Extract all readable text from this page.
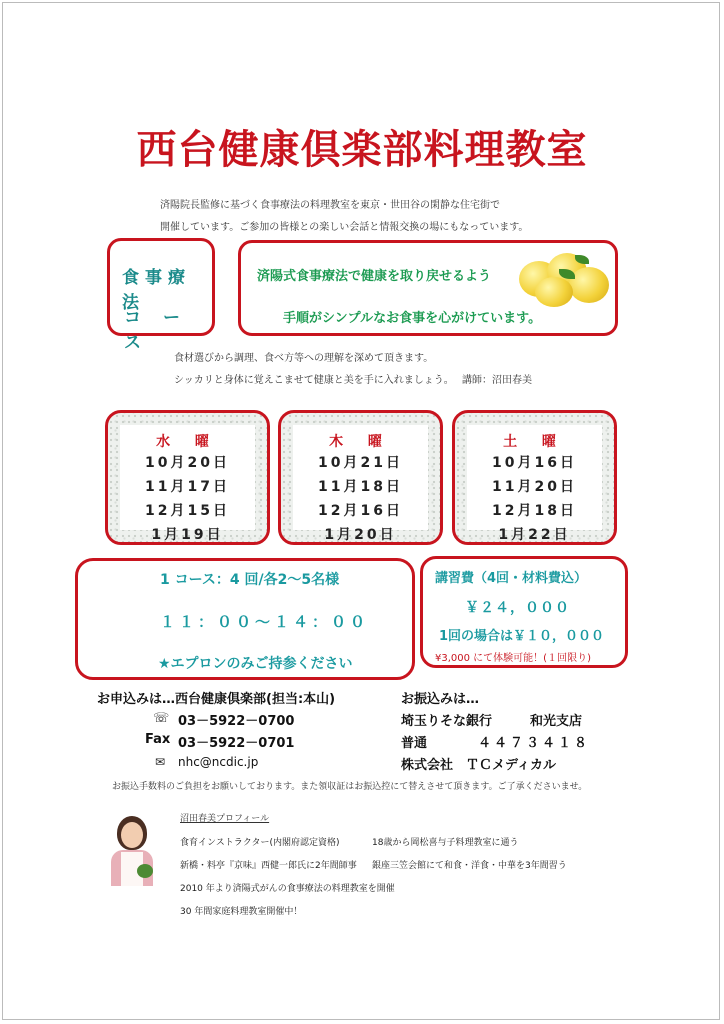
西台健康倶楽部料理教室
済陽院長監修に基づく食事療法の料理教室を東京・世田谷の閑静な住宅街で
開催しています。ご参加の皆様との楽しい会話と情報交換の場にもなっています。
食事療法
コース
済陽式食事療法で健康を取り戻せるよう
手順がシンプルなお食事を心がけています。
食材選びから調理、食べ方等への理解を深めて頂きます。
シッカリと身体に覚えこませて健康と美を手に入れましょう。 講師：沼田春美
水 曜
10月20日
11月17日
12月15日
1月19日
木 曜
10月21日
11月18日
12月16日
1月20日
土 曜
10月16日
11月20日
12月18日
1月22日
1 コース：4 回/各2～5名様
１１：００～１４：００
★エプロンのみご持参ください
講習費（4回・材料費込）
￥２４，０００
1回の場合は￥１０，０００
¥3,000 にて体験可能！(１回限り)
お申込みは…西台健康倶楽部(担当:本山)
☏ 03－5922－0700
Fax 03－5922－0701
✉ nhc@ncdic.jp
お振込みは…
埼玉りそな銀行	和光支店
普通	４４７３４１８
株式会社　ＴＣメディカル
お振込手数料のご負担をお願いしております。また領収証はお振込控にて替えさせて頂きます。ご了承くださいませ。
沼田春美プロフィール
食育インストラクター(内閣府認定資格)	18歳から岡松喜与子料理教室に通う
新橋・料亭『京味』西健一郎氏に2年間師事 銀座三笠会館にて和食・洋食・中華を3年間習う
2010 年より済陽式がんの食事療法の料理教室を開催
30 年間家庭料理教室開催中！
